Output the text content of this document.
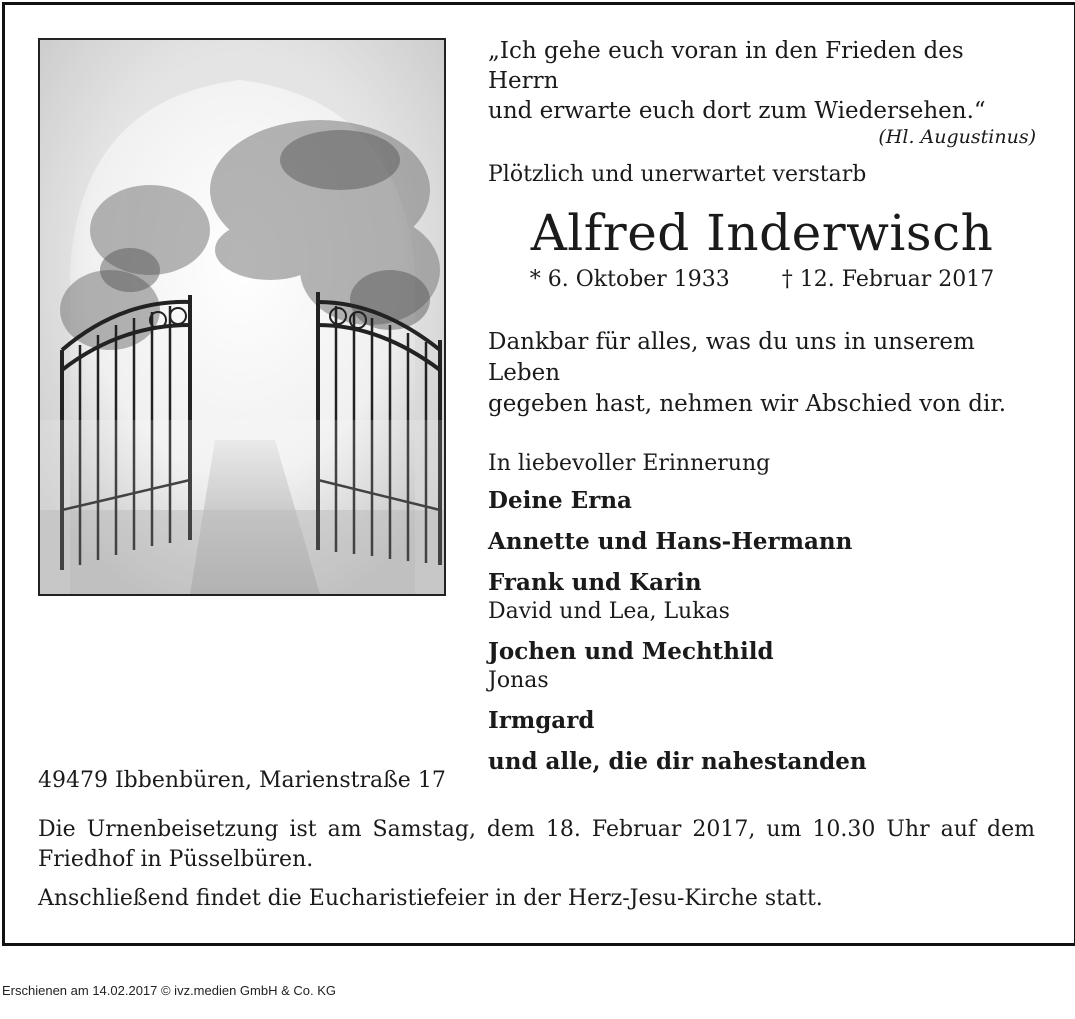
„Ich gehe euch voran in den Frieden des Herrn
und erwarte euch dort zum Wiedersehen.“
(Hl. Augustinus)
Plötzlich und unerwartet verstarb
Alfred Inderwisch
* 6. Oktober 1933 † 12. Februar 2017
Dankbar für alles, was du uns in unserem Leben
gegeben hast, nehmen wir Abschied von dir.
In liebevoller Erinnerung
Deine Erna
Annette und Hans-Hermann
Frank und Karin
David und Lea, Lukas
Jochen und Mechthild
Jonas
Irmgard
und alle, die dir nahestanden
49479 Ibbenbüren, Marienstraße 17
Die Urnenbeisetzung ist am Samstag, dem 18. Februar 2017, um 10.30 Uhr auf dem Friedhof in Püsselbüren.
Anschließend findet die Eucharistiefeier in der Herz-Jesu-Kirche statt.
Erschienen am 14.02.2017 © ivz.medien GmbH & Co. KG
